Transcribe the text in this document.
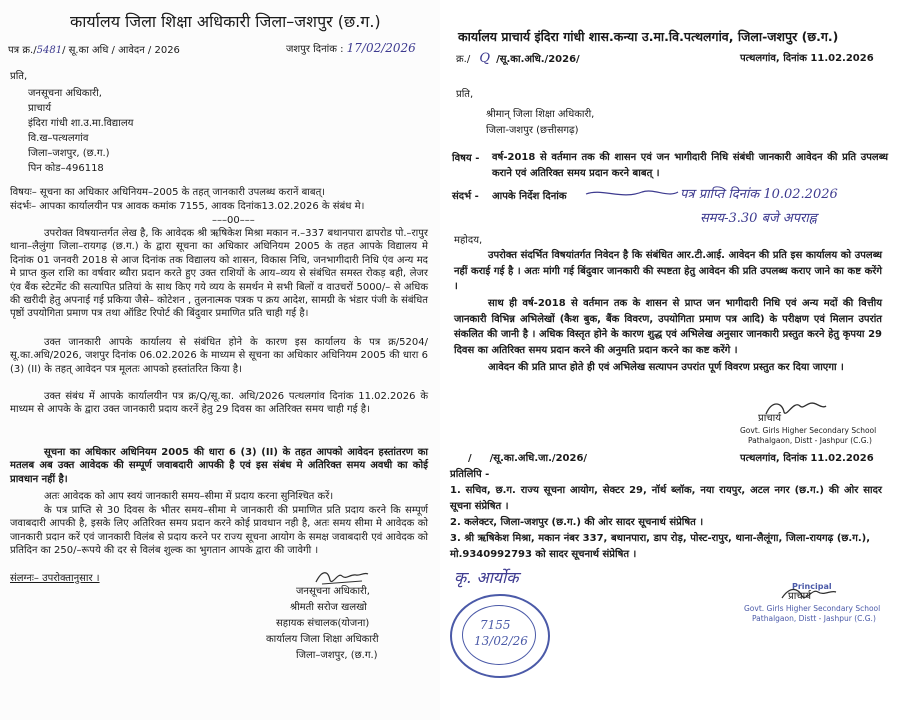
कार्यालय जिला शिक्षा अधिकारी जिला–जशपुर (छ.ग.)
पत्र क्र./5481/ सू.का अधि / आवेदन / 2026	जशपुर दिनांक : 17/02/2026
प्रति,
जनसूचना अधिकारी,
प्राचार्य
इंदिरा गांधी शा.उ.मा.विद्यालय
वि.ख–पत्थलगांव
जिला–जशपुर, (छ.ग.)
पिन कोड–496118
विषयः– सूचना का अधिकार अधिनियम–2005 के तहत् जानकारी उपलब्ध करानें बाबत्।
संदर्भः– आपका कार्यालयीन पत्र आवक कमांक 7155, आवक दिनांक13.02.2026 के संबंध मे।
–––00–––
उपरोक्त विषयान्तर्गत लेख है, कि आवेदक श्री ऋषिकेश मिश्रा मकान न.–337 बथानपारा ढापरोड पो.–रापुर थाना–लैलुंगा जिला–रायगढ़ (छ.ग.) के द्वारा सूचना का अधिकार अधिनियम 2005 के तहत आपके विद्यालय मे दिनांक 01 जनवरी 2018 से आज दिनांक तक विद्यालय को शासन, विकास निधि, जनभागीदारी निधि एंव अन्य मद मे प्राप्त कुल राशि का वर्षवार ब्यौरा प्रदान करते हुए उक्त राशियों के आय–व्यय से संबंधित समस्त रोकड़ बही, लेजर एंव बैंक स्टेटमेंट की सत्यापित प्रतियां के साथ किए गये व्यय के समर्थन मे सभी बिलों व वाउचरों 5000/– से अधिक की खरीदी हेतु अपनाई गई प्रकिया जैसे– कोटेशन , तुलनात्मक पत्रक प क्रय आदेश, सामग्री के भंडार पंजी के संबंधित पृष्ठों उपयोगिता प्रमाण पत्र तथा ऑडिट रिपोर्ट की बिंदुवार प्रमाणित प्रति चाही गई है।
उक्त जानकारी आपके कार्यालय से संबंधित होने के कारण इस कार्यालय के पत्र क्र/5204/सू.का.अधि/2026, जशपुर दिनांक 06.02.2026 के माध्यम से सूचना का अधिकार अधिनियम 2005 की धारा 6 (3) (II) के तहत् आवेदन पत्र मूलतः आपको हस्तांतरित किया है।
उक्त संबंध में आपके कार्यालयीन पत्र क्र/Q/सू.का. अधि/2026 पत्थलगांव दिनांक 11.02.2026 के माध्यम से आपके के द्वारा उक्त जानकारी प्रदाय करनें हेतु 29 दिवस का अतिरिक्त समय चाही गई है।
सूचना का अधिकार अधिनियम 2005 की धारा 6 (3) (II) के तहत आपको आवेदन हस्तांतरण का मतलब अब उक्त आवेदक की सम्पूर्ण जवाबदारी आपकी है एवं इस संबंध मे अतिरिक्त समय अवधी का कोई प्रावधान नहीं है।
अतः आवेदक को आप स्वयं जानकारी समय–सीमा में प्रदाय करना सुनिश्चित करें।
के पत्र प्राप्ति से 30 दिवस के भीतर समय–सीमा मे जानकारी की प्रमाणित प्रति प्रदाय करने कि सम्पूर्ण जवाबदारी आपकी है, इसके लिए अतिरिक्त समय प्रदान करने कोई प्रावधान नही है, अतः समय सीमा मे आवेदक को जानकारी प्रदान करें एवं जानकारी विलंब से प्रदाय करने पर राज्य सूचना आयोग के समक्ष जवाबदारी एवं आवेदक को प्रतिदिन का 250/–रूपये की दर से विलंब शुल्क का भुगतान आपके द्वारा की जावेगी ।
संलग्नः– उपरोक्तानुसार ।
जनसूचना अधिकारी,
श्रीमती सरोज खलखो
सहायक संचालक(योजना)
कार्यालय जिला शिक्षा अधिकारी
जिला–जशपुर, (छ.ग.)
कार्यालय प्राचार्य इंदिरा गांधी शास.कन्या उ.मा.वि.पत्थलगांव, जिला-जशपुर (छ.ग.)
क्र./ Q /सू.का.अधि./2026/	पत्थलगांव, दिनांक 11.02.2026
प्रति,
श्रीमान् जिला शिक्षा अधिकारी,
जिला-जशपुर (छत्तीसगढ़)
विषय - वर्ष-2018 से वर्तमान तक की शासन एवं जन भागीदारी निधि संबंधी जानकारी आवेदन की प्रति उपलब्ध कराने एवं अतिरिक्त समय प्रदान करने बाबत् ।
संदर्भ - आपके निर्देश दिनांक	पत्र प्राप्ति दिनांक 10.02.2026
समय-3.30 बजे अपराह्न
महोदय,
उपरोक्त संदर्भित विषयांतर्गत निवेदन है कि संबंधित आर.टी.आई. आवेदन की प्रति इस कार्यालय को उपलब्ध नहीं कराई गई है । अतः मांगी गई बिंदुवार जानकारी की स्पष्टता हेतु आवेदन की प्रति उपलब्ध कराए जाने का कष्ट करेंगे ।
साथ ही वर्ष-2018 से वर्तमान तक के शासन से प्राप्त जन भागीदारी निधि एवं अन्य मदों की वित्तीय जानकारी विभिन्न अभिलेखों (कैश बुक, बैंक विवरण, उपयोगिता प्रमाण पत्र आदि) के परीक्षण एवं मिलान उपरांत संकलित की जानी है । अधिक विस्तृत होने के कारण शुद्ध एवं अभिलेख अनुसार जानकारी प्रस्तुत करने हेतु कृपया 29 दिवस का अतिरिक्त समय प्रदान करने की अनुमति प्रदान करने का कष्ट करेंगे ।
आवेदन की प्रति प्राप्त होते ही एवं अभिलेख सत्यापन उपरांत पूर्ण विवरण प्रस्तुत कर दिया जाएगा ।
प्राचार्य
Govt. Girls Higher Secondary School
Pathalgaon, Distt - Jashpur (C.G.)
/ /सू.का.अधि.जा./2026/	पत्थलगांव, दिनांक 11.02.2026
प्रतिलिपि -
1. सचिव, छ.ग. राज्य सूचना आयोग, सेक्टर 29, नॉर्थ ब्लॉक, नया रायपुर, अटल नगर (छ.ग.) की ओर सादर सूचना संप्रेषित ।
2. कलेक्टर, जिला-जशपुर (छ.ग.) की ओर सादर सूचनार्थ संप्रेषित ।
3. श्री ऋषिकेश मिश्रा, मकान नंबर 337, बथानपारा, डाप रोड़, पोस्ट-रापुर, थाना-लैलूंगा, जिला-रायगढ़ (छ.ग.), मो.9340992793 को सादर सूचनार्थ संप्रेषित ।
कृ. आर्योक
7155
13/02/26
Principal
प्राचार्य
Govt. Girls Higher Secondary School
Pathalgaon, Distt - Jashpur (C.G.)
